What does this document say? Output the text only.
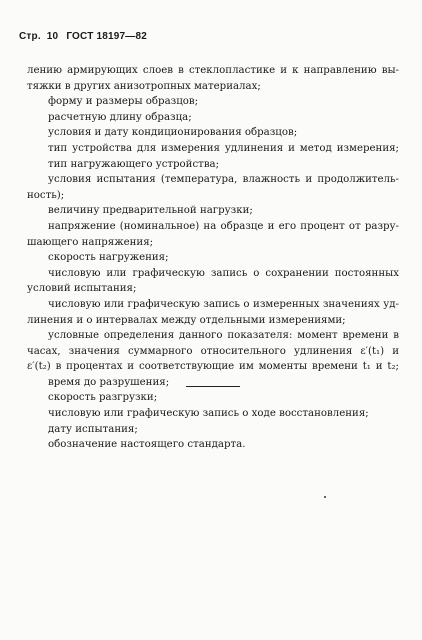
Стр. 10 ГОСТ 18197—82
лению армирующих слоев в стеклопластике и к направлению вы-
тяжки в других анизотропных материалах;
форму и размеры образцов;
расчетную длину образца;
условия и дату кондиционирования образцов;
тип устройства для измерения удлинения и метод измерения;
тип нагружающего устройства;
условия испытания (температура, влажность и продолжитель-
ность);
величину предварительной нагрузки;
напряжение (номинальное) на образце и его процент от разру-
шающего напряжения;
скорость нагружения;
числовую или графическую запись о сохранении постоянных
условий испытания;
числовую или графическую запись о измеренных значениях уд-
линения и о интервалах между отдельными измерениями;
условные определения данного показателя: момент времени в
часах, значения суммарного относительного удлинения ε′(t₁) и
ε′(t₂) в процентах и соответствующие им моменты времени t₁ и t₂;
время до разрушения;
скорость разгрузки;
числовую или графическую запись о ходе восстановления;
дату испытания;
обозначение настоящего стандарта.
